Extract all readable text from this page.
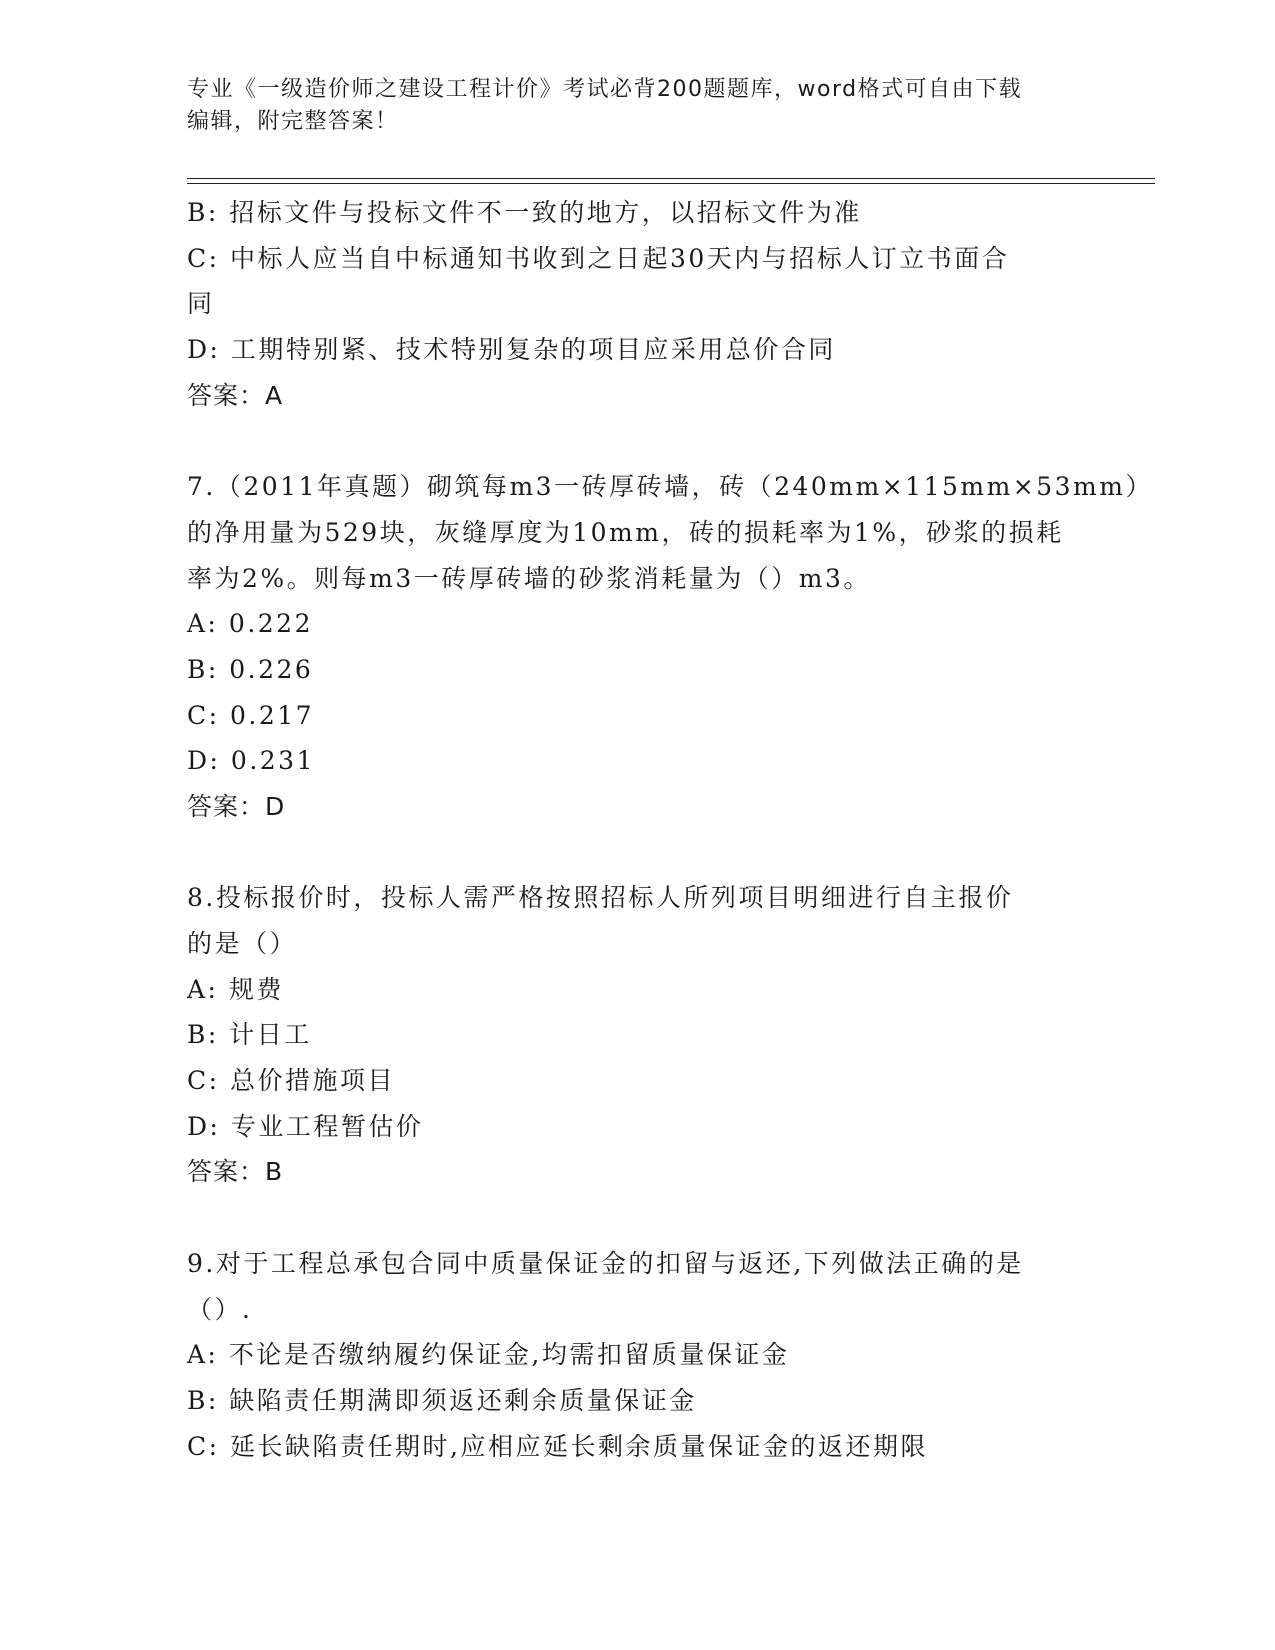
专业《一级造价师之建设工程计价》考试必背200题题库，word格式可自由下载
编辑，附完整答案！
B: 招标文件与投标文件不一致的地方，以招标文件为准
C: 中标人应当自中标通知书收到之日起30天内与招标人订立书面合
同
D: 工期特别紧、技术特别复杂的项目应采用总价合同
答案：A
7.（2011年真题）砌筑每m3一砖厚砖墙，砖（240mm×115mm×53mm）
的净用量为529块，灰缝厚度为10mm，砖的损耗率为1%，砂浆的损耗
率为2%。则每m3一砖厚砖墙的砂浆消耗量为（）m3。
A: 0.222
B: 0.226
C: 0.217
D: 0.231
答案：D
8.投标报价时，投标人需严格按照招标人所列项目明细进行自主报价
的是（）
A: 规费
B: 计日工
C: 总价措施项目
D: 专业工程暂估价
答案：B
9.对于工程总承包合同中质量保证金的扣留与返还,下列做法正确的是
（）.
A: 不论是否缴纳履约保证金,均需扣留质量保证金
B: 缺陷责任期满即须返还剩余质量保证金
C: 延长缺陷责任期时,应相应延长剩余质量保证金的返还期限
